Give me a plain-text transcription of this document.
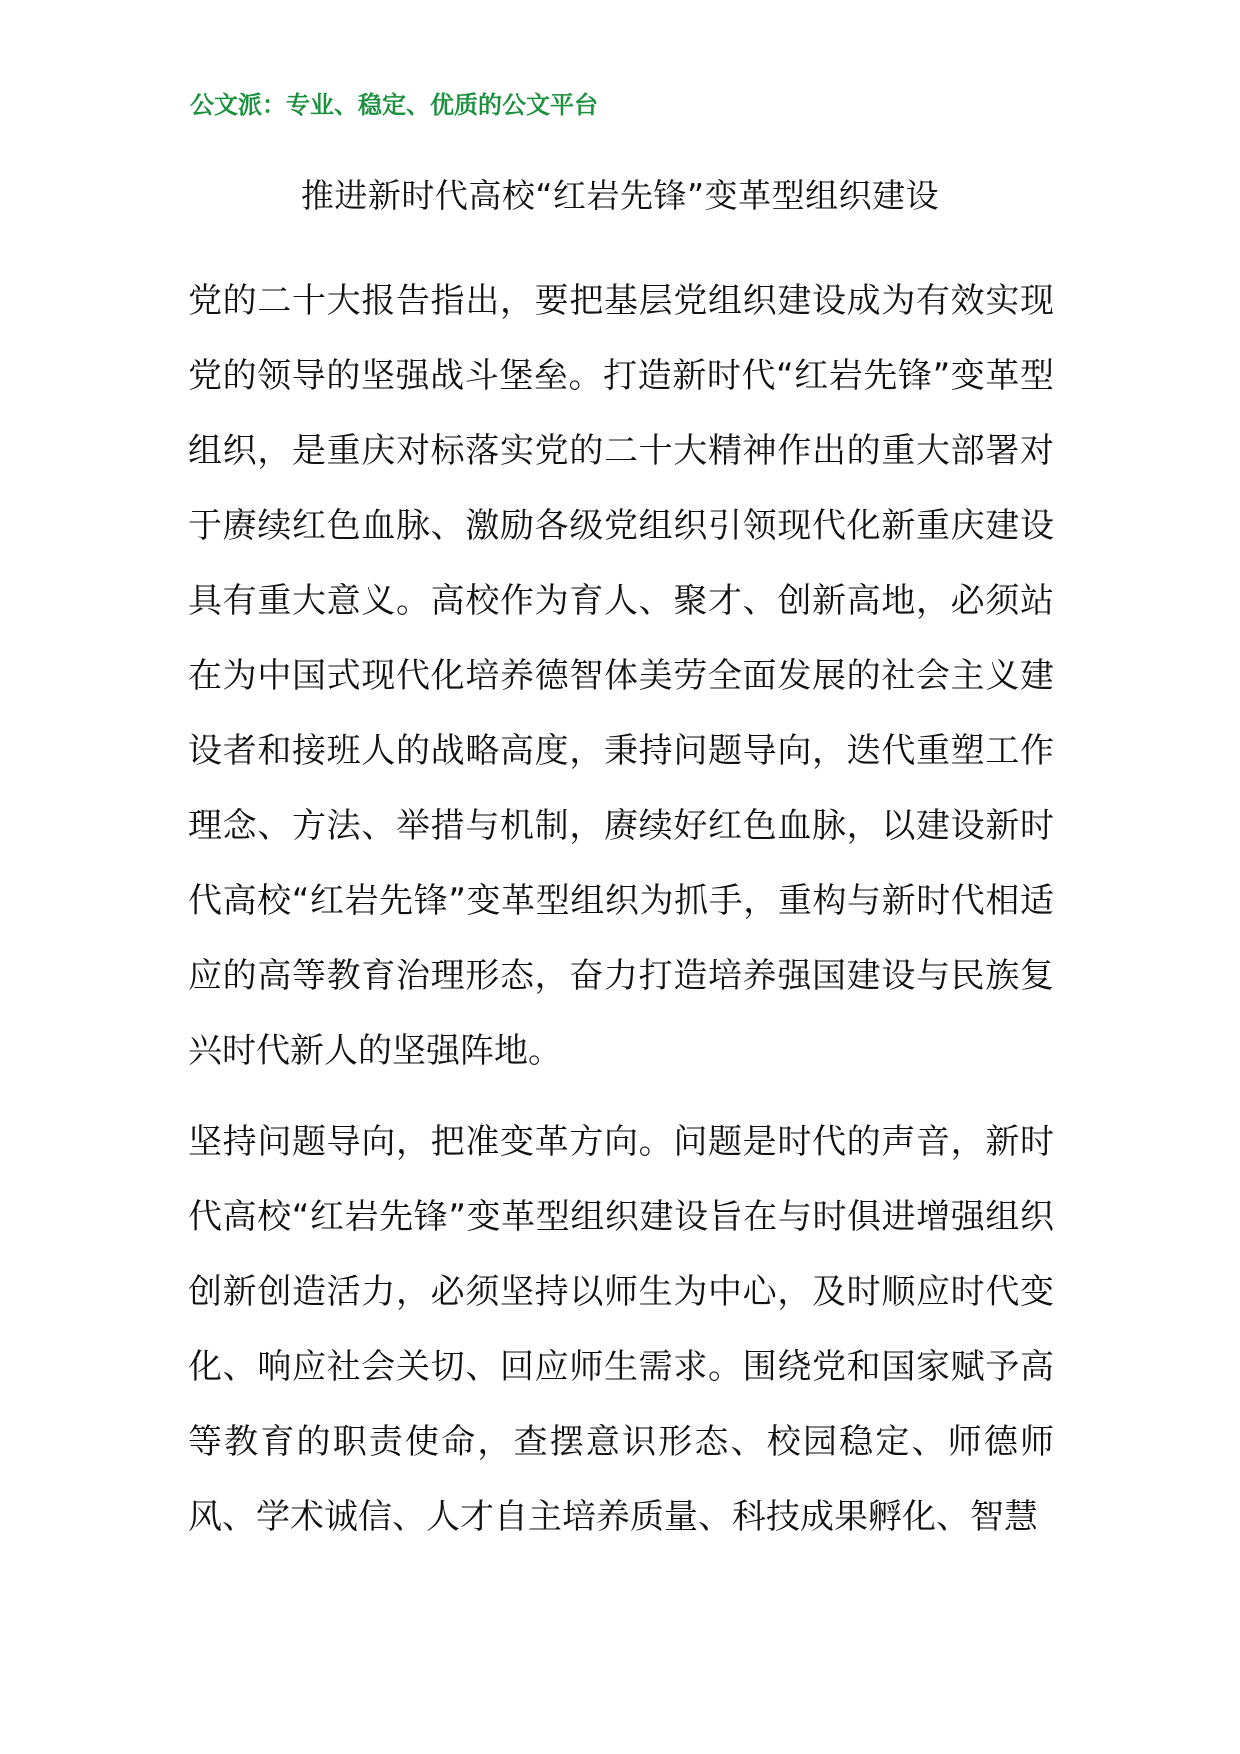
公文派：专业、稳定、优质的公文平台
推进新时代高校“红岩先锋”变革型组织建设

党的二十大报告指出，要把基层党组织建设成为有效实现党的领导的坚强战斗堡垒。打造新时代“红岩先锋”变革型组织，是重庆对标落实党的二十大精神作出的重大部署对于赓续红色血脉、激励各级党组织引领现代化新重庆建设具有重大意义。高校作为育人、聚才、创新高地，必须站在为中国式现代化培养德智体美劳全面发展的社会主义建设者和接班人的战略高度，秉持问题导向，迭代重塑工作理念、方法、举措与机制，赓续好红色血脉，以建设新时代高校“红岩先锋”变革型组织为抓手，重构与新时代相适应的高等教育治理形态，奋力打造培养强国建设与民族复兴时代新人的坚强阵地。

坚持问题导向，把准变革方向。问题是时代的声音，新时代高校“红岩先锋”变革型组织建设旨在与时俱进增强组织创新创造活力，必须坚持以师生为中心，及时顺应时代变化、响应社会关切、回应师生需求。围绕党和国家赋予高等教育的职责使命，查摆意识形态、校园稳定、师德师风、学术诚信、人才自主培养质量、科技成果孵化、智慧
